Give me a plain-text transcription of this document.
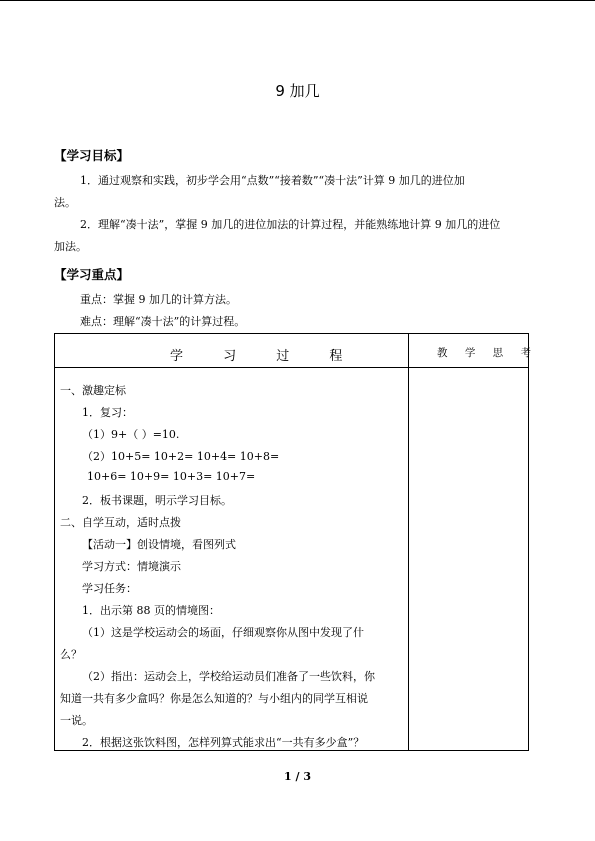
9 加几
【学习目标】
1．通过观察和实践，初步学会用“点数”“接着数”“凑十法”计算 9 加几的进位加
法。
2．理解“凑十法”，掌握 9 加几的进位加法的计算过程，并能熟练地计算 9 加几的进位
加法。
【学习重点】
重点：掌握 9 加几的计算方法。
难点：理解“凑十法”的计算过程。
学 习 过 程	教 学 思 考
一、激趣定标
1．复习：
（1）9+（ ）=10.
（2）10+5= 10+2= 10+4= 10+8=
10+6= 10+9= 10+3= 10+7=
2．板书课题，明示学习目标。
二、自学互动，适时点拨
【活动一】创设情境，看图列式
学习方式：情境演示
学习任务：
1．出示第 88 页的情境图：
（1）这是学校运动会的场面，仔细观察你从图中发现了什
么？
（2）指出：运动会上，学校给运动员们准备了一些饮料，你
知道一共有多少盒吗？你是怎么知道的？与小组内的同学互相说
一说。
2．根据这张饮料图，怎样列算式能求出“一共有多少盒”？
1 / 3
